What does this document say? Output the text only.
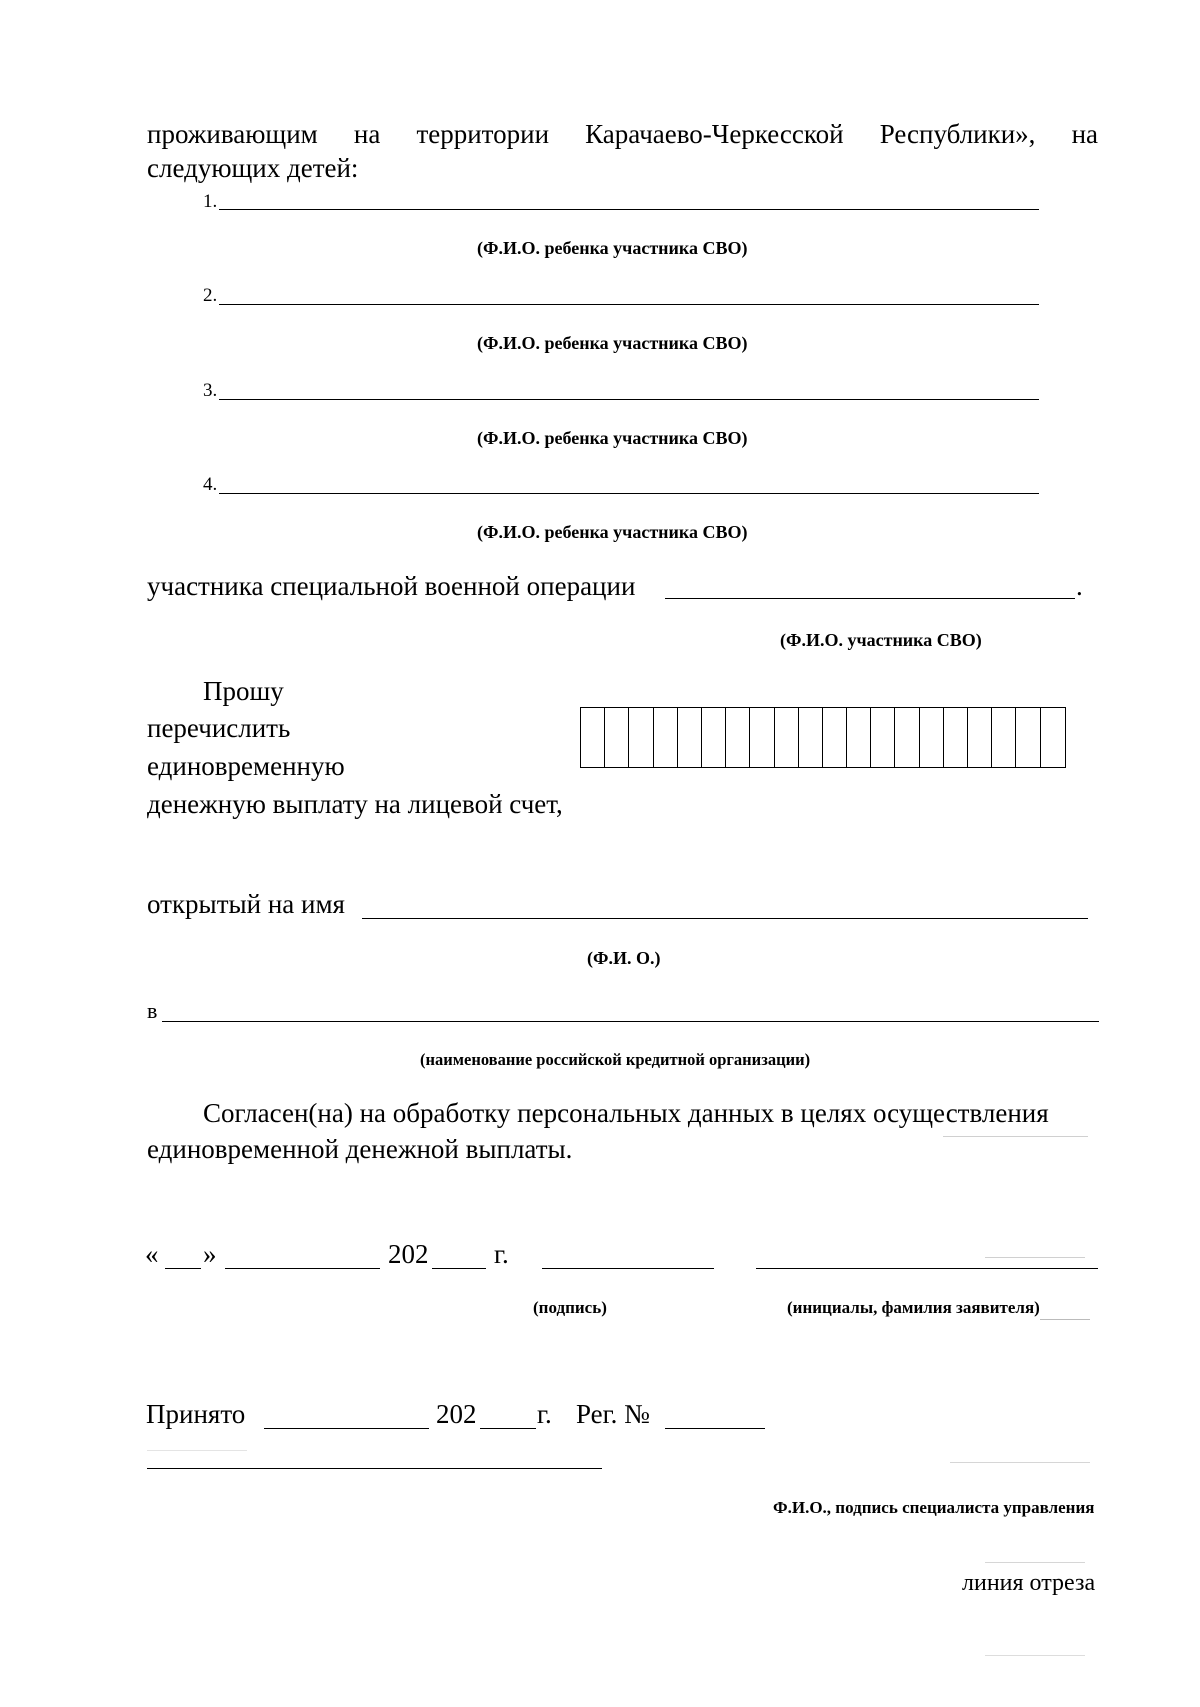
проживающим на территории Карачаево-Черкесской Республики», на
следующих детей:
1.
(Ф.И.О. ребенка участника СВО)
2.
(Ф.И.О. ребенка участника СВО)
3.
(Ф.И.О. ребенка участника СВО)
4.
(Ф.И.О. ребенка участника СВО)
участника специальной военной операции	.
(Ф.И.О. участника СВО)
Прошу
перечислить
единовременную
денежную выплату на лицевой счет,
открытый на имя
(Ф.И. О.)
в
(наименование российской кредитной организации)
Согласен(на) на обработку персональных данных в целях осуществления
единовременной денежной выплаты.
« »	202 г.
(подпись)	(инициалы, фамилия заявителя)
Принято	202 г. Рег. №
Ф.И.О., подпись специалиста управления
линия отреза
